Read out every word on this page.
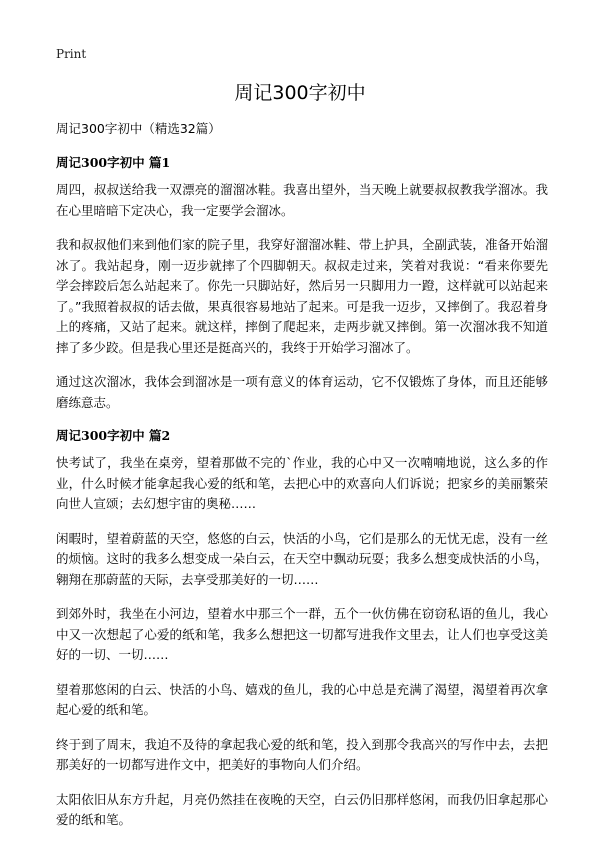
Print
周记300字初中

周记300字初中（精选32篇）

周记300字初中 篇1

周四，叔叔送给我一双漂亮的溜溜冰鞋。我喜出望外，当天晚上就要叔叔教我学溜冰。我在心里暗暗下定决心，我一定要学会溜冰。

我和叔叔他们来到他们家的院子里，我穿好溜溜冰鞋、带上护具，全副武装，准备开始溜冰了。我站起身，刚一迈步就摔了个四脚朝天。叔叔走过来，笑着对我说：“看来你要先学会摔跤后怎么站起来了。你先一只脚站好，然后另一只脚用力一蹬，这样就可以站起来了。”我照着叔叔的话去做，果真很容易地站了起来。可是我一迈步，又摔倒了。我忍着身上的疼痛，又站了起来。就这样，摔倒了爬起来，走两步就又摔倒。第一次溜冰我不知道摔了多少跤。但是我心里还是挺高兴的，我终于开始学习溜冰了。

通过这次溜冰，我体会到溜冰是一项有意义的体育运动，它不仅锻炼了身体，而且还能够磨练意志。

周记300字初中 篇2

快考试了，我坐在桌旁，望着那做不完的`作业，我的心中又一次喃喃地说，这么多的作业，什么时候才能拿起我心爱的纸和笔，去把心中的欢喜向人们诉说；把家乡的美丽繁荣向世人宣颂；去幻想宇宙的奥秘……

闲暇时，望着蔚蓝的天空，悠悠的白云，快活的小鸟，它们是那么的无忧无虑，没有一丝的烦恼。这时的我多么想变成一朵白云，在天空中飘动玩耍；我多么想变成快活的小鸟，翱翔在那蔚蓝的天际，去享受那美好的一切……

到郊外时，我坐在小河边，望着水中那三个一群，五个一伙仿佛在窃窃私语的鱼儿，我心中又一次想起了心爱的纸和笔，我多么想把这一切都写进我作文里去，让人们也享受这美好的一切、一切……

望着那悠闲的白云、快活的小鸟、嬉戏的鱼儿，我的心中总是充满了渴望，渴望着再次拿起心爱的纸和笔。

终于到了周末，我迫不及待的拿起我心爱的纸和笔，投入到那令我高兴的写作中去，去把那美好的一切都写进作文中，把美好的事物向人们介绍。

太阳依旧从东方升起，月亮仍然挂在夜晚的天空，白云仍旧那样悠闲，而我仍旧拿起那心爱的纸和笔。
